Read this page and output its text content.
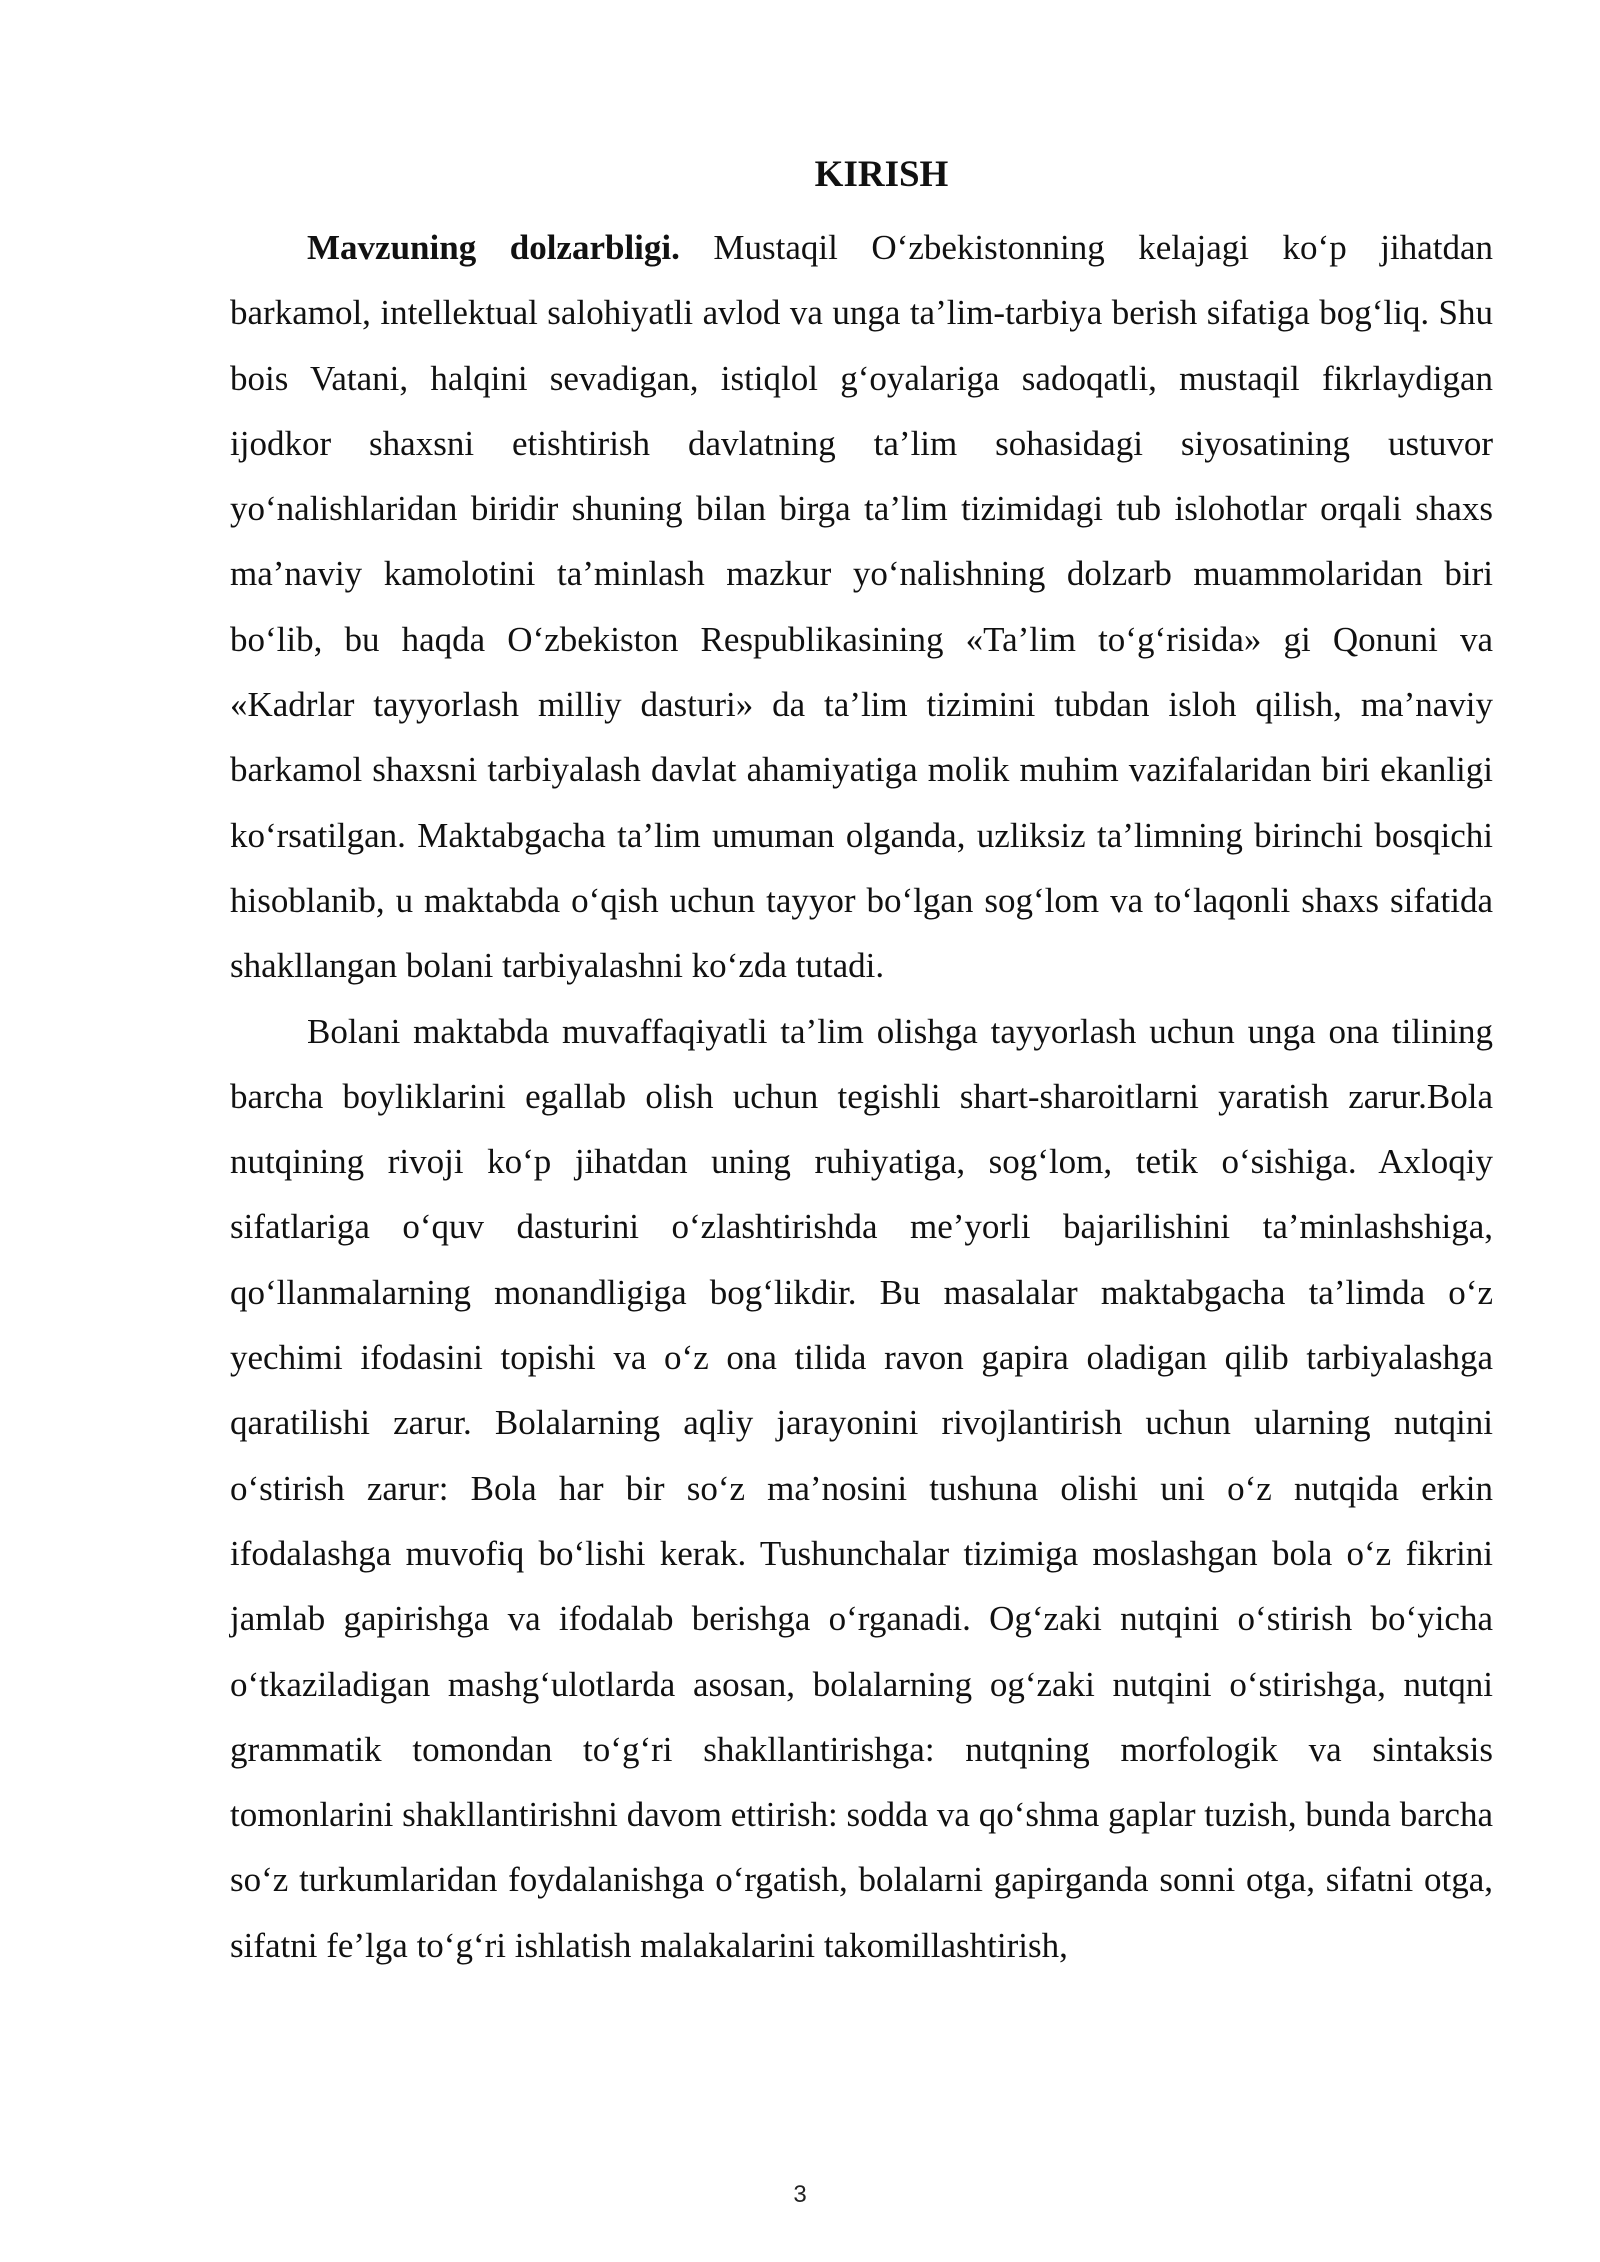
KIRISH

Mavzuning dolzarbligi. Mustaqil O‘zbekistonning kelajagi ko‘p jihatdan barkamol, intellektual salohiyatli avlod va unga ta’lim-tarbiya berish sifatiga bog‘liq. Shu bois Vatani, halqini sevadigan, istiqlol g‘oyalariga sadoqatli, mustaqil fikrlaydigan ijodkor shaxsni etishtirish davlatning ta’lim sohasidagi siyosatining ustuvor yo‘nalishlaridan biridir shuning bilan birga ta’lim tizimidagi tub islohotlar orqali shaxs ma’naviy kamolotini ta’minlash mazkur yo‘nalishning dolzarb muammolaridan biri bo‘lib, bu haqda O‘zbekiston Respublikasining «Ta’lim to‘g‘risida» gi Qonuni va «Kadrlar tayyorlash milliy dasturi» da ta’lim tizimini tubdan isloh qilish, ma’naviy barkamol shaxsni tarbiyalash davlat ahamiyatiga molik muhim vazifalaridan biri ekanligi ko‘rsatilgan. Maktabgacha ta’lim umuman olganda, uzliksiz ta’limning birinchi bosqichi hisoblanib, u maktabda o‘qish uchun tayyor bo‘lgan sog‘lom va to‘laqonli shaxs sifatida shakllangan bolani tarbiyalashni ko‘zda tutadi.

Bolani maktabda muvaffaqiyatli ta’lim olishga tayyorlash uchun unga ona tilining barcha boyliklarini egallab olish uchun tegishli shart-sharoitlarni yaratish zarur.Bola nutqining rivoji ko‘p jihatdan uning ruhiyatiga, sog‘lom, tetik o‘sishiga. Axloqiy sifatlariga o‘quv dasturini o‘zlashtirishda me’yorli bajarilishini ta’minlashshiga, qo‘llanmalarning monandligiga bog‘likdir. Bu masalalar maktabgacha ta’limda o‘z yechimi ifodasini topishi va o‘z ona tilida ravon gapira oladigan qilib tarbiyalashga qaratilishi zarur. Bolalarning aqliy jarayonini rivojlantirish uchun ularning nutqini o‘stirish zarur: Bola har bir so‘z ma’nosini tushuna olishi uni o‘z nutqida erkin ifodalashga muvofiq bo‘lishi kerak. Tushunchalar tizimiga moslashgan bola o‘z fikrini jamlab gapirishga va ifodalab berishga o‘rganadi. Og‘zaki nutqini o‘stirish bo‘yicha o‘tkaziladigan mashg‘ulotlarda asosan, bolalarning og‘zaki nutqini o‘stirishga, nutqni grammatik tomondan to‘g‘ri shakllantirishga: nutqning morfologik va sintaksis tomonlarini shakllantirishni davom ettirish: sodda va qo‘shma gaplar tuzish, bunda barcha so‘z turkumlaridan foydalanishga o‘rgatish, bolalarni gapirganda sonni otga, sifatni otga, sifatni fe’lga to‘g‘ri ishlatish malakalarini takomillashtirish,

3
